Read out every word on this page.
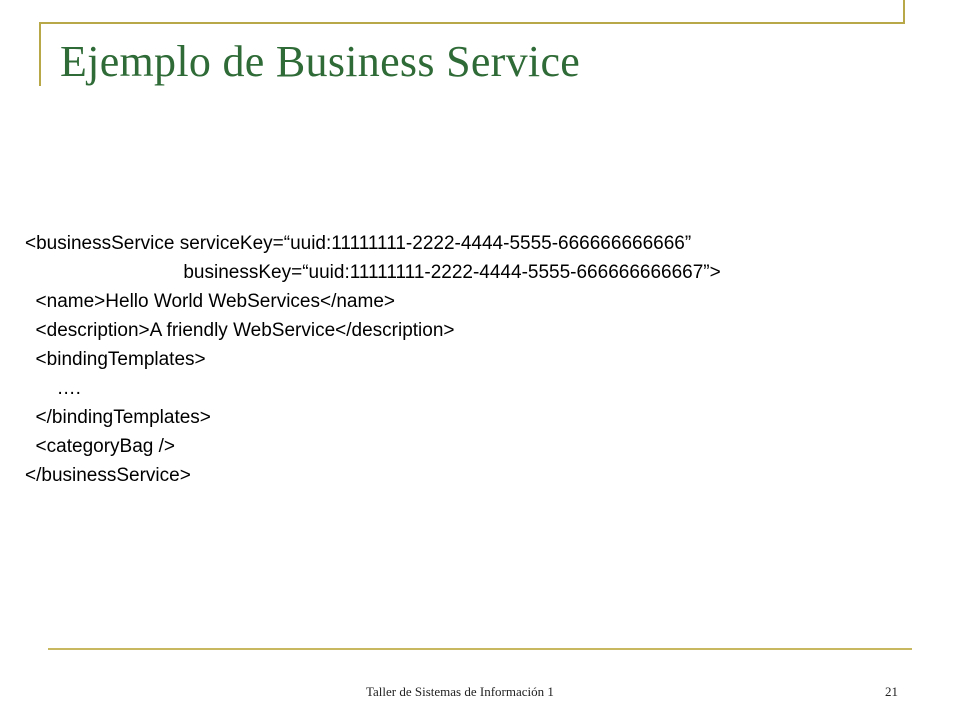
Ejemplo de Business Service
<businessService serviceKey=“uuid:11111111-2222-4444-5555-666666666666”
businessKey=“uuid:11111111-2222-4444-5555-666666666667”>
<name>Hello World WebServices</name>
<description>A friendly WebService</description>
<bindingTemplates>
….
</bindingTemplates>
<categoryBag />
</businessService>
Taller de Sistemas de Información 1	21
